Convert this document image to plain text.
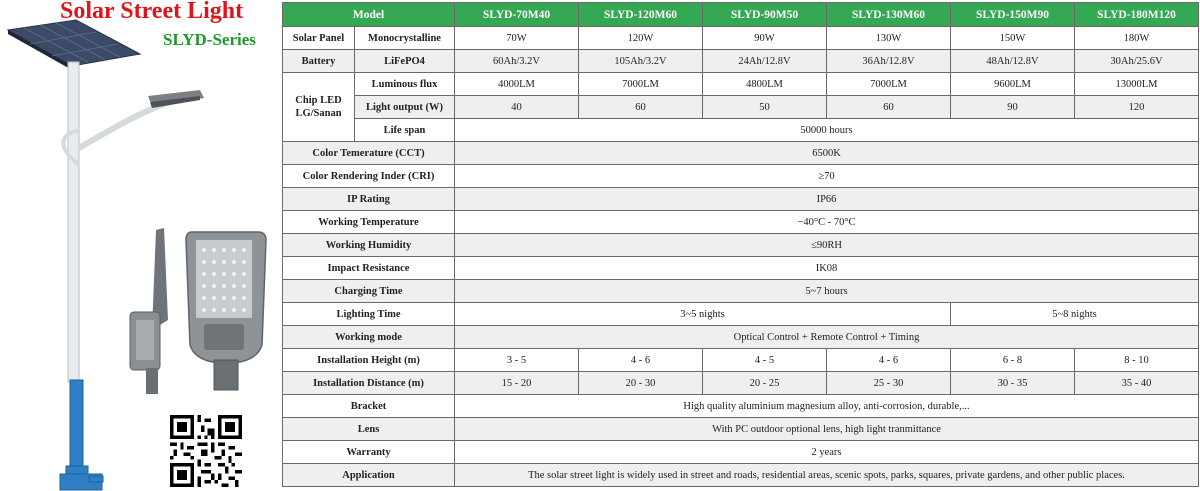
Solar Street Light
SLYD-Series
Model		SLYD-70M40	SLYD-120M60	SLYD-90M50	SLYD-130M60	SLYD-150M90	SLYD-180M120
Solar Panel	Monocrystalline	70W	120W	90W	130W	150W	180W
Battery	LiFePO4	60Ah/3.2V	105Ah/3.2V	24Ah/12.8V	36Ah/12.8V	48Ah/12.8V	30Ah/25.6V
Chip LED LG/Sanan	Luminous flux	4000LM	7000LM	4800LM	7000LM	9600LM	13000LM
	Light output (W)	40	60	50	60	90	120
	Life span	50000 hours					
Color Temerature (CCT)		6500K					
Color Rendering Inder (CRI)		≥70					
IP Rating		IP66					
Working Temperature		−40°C - 70°C					
Working Humidity		≤90RH					
Impact Resistance		IK08					
Charging Time		5~7 hours					
Lighting Time		3~5 nights				5~8 nights	
Working mode		Optical Control + Remote Control + Timing					
Installation Height (m)		3 - 5	4 - 6	4 - 5	4 - 6	6 - 8	8 - 10
Installation Distance (m)		15 - 20	20 - 30	20 - 25	25 - 30	30 - 35	35 - 40
Bracket		High quality aluminium magnesium alloy, anti-corrosion, durable,...					
Lens		With PC outdoor optional lens, high light tranmittance					
Warranty		2 years					
Application		The solar street light is widely used in street and roads, residential areas, scenic spots, parks, squares, private gardens, and other public places.					
